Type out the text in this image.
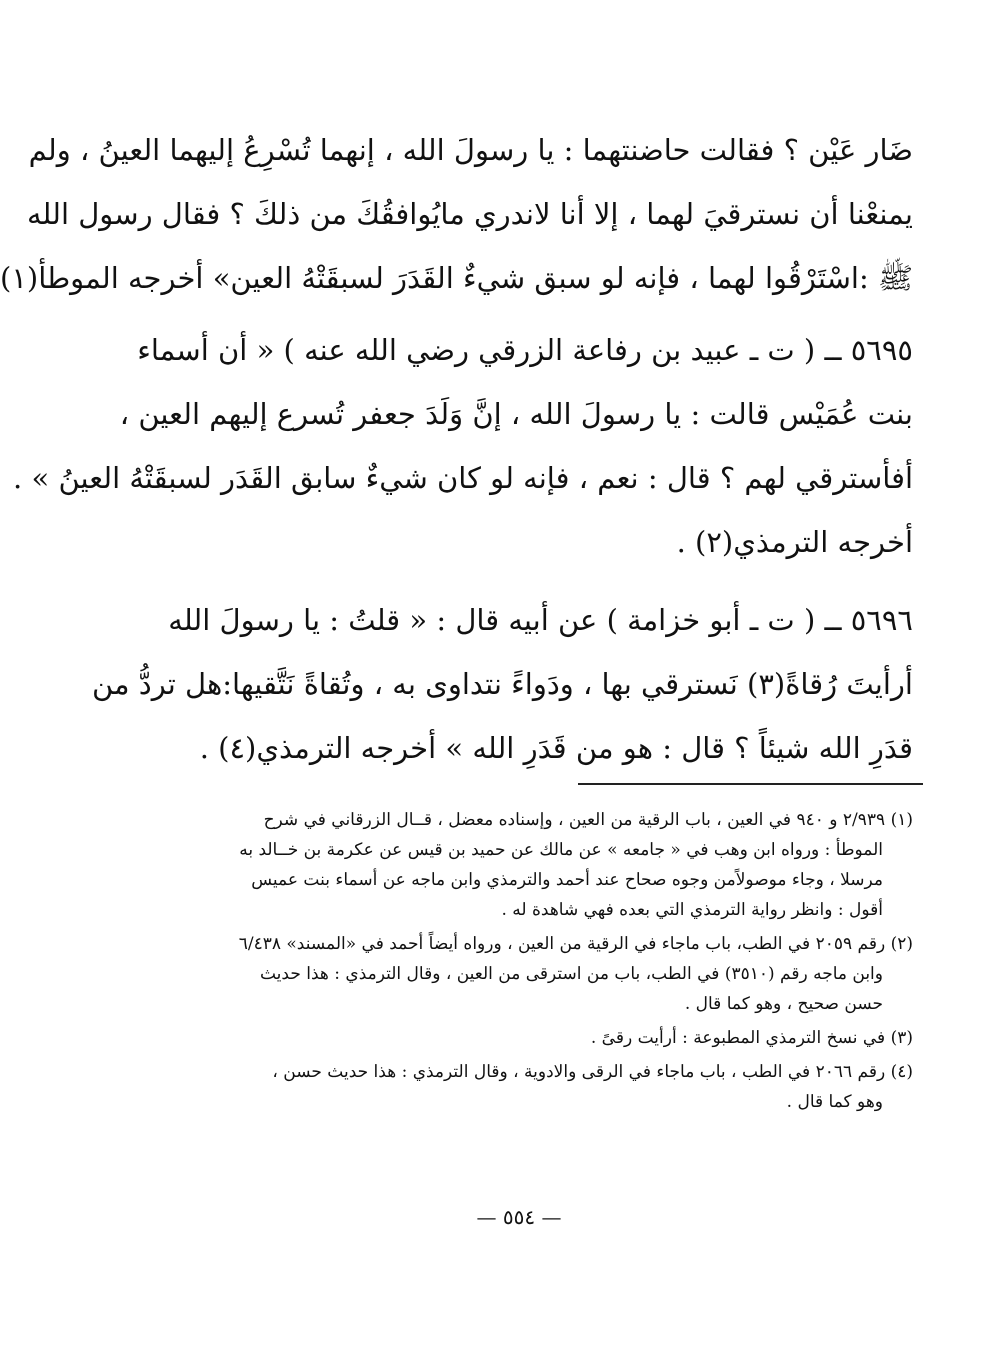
ضَار عَيْن ؟ فقالت حاضنتهما : يا رسولَ الله ، إنهما تُسْرِعُ إليهما العينُ ، ولم
يمنعْنا أن نسترقيَ لهما ، إلا أنا لاندري مايُوافقُكَ من ذلكَ ؟ فقال رسول الله
ﷺ :اسْتَرْقُوا لهما ، فإنه لو سبق شيءٌ القَدَرَ لسبقَتْهُ العين» أخرجه الموطأ(١)
٥٦٩٥ ــ ( ت ـ عبيد بن رفاعة الزرقي رضي الله عنه ) « أن أسماء
بنت عُمَيْس قالت : يا رسولَ الله ، إنَّ وَلَدَ جعفر تُسرع إليهم العين ،
أفأسترقي لهم ؟ قال : نعم ، فإنه لو كان شيءٌ سابق القَدَر لسبقَتْهُ العينُ » .
أخرجه الترمذي(٢) .
٥٦٩٦ ــ ( ت ـ أبو خزامة ) عن أبيه قال : « قلتُ : يا رسولَ الله
أرأيتَ رُقاةً(٣) نَسترقي بها ، ودَواءً نتداوى به ، وتُقاةً نَتَّقيها:هل تردُّ من
قدَرِ الله شيئاً ؟ قال : هو من قَدَرِ الله » أخرجه الترمذي(٤) .
(١) ٢/٩٣٩ و ٩٤٠ في العين ، باب الرقية من العين ، وإسناده معضل ، قــال الزرقاني في شرح
الموطأ : ورواه ابن وهب في « جامعه » عن مالك عن حميد بن قيس عن عكرمة بن خــالد به
مرسلا ، وجاء موصولاًمن وجوه صحاح عند أحمد والترمذي وابن ماجه عن أسماء بنت عميس
أقول : وانظر رواية الترمذي التي بعده فهي شاهدة له .
(٢) رقم ٢٠٥٩ في الطب، باب ماجاء في الرقية من العين ، ورواه أيضاً أحمد في «المسند» ٦/٤٣٨
وابن ماجه رقم (٣٥١٠) في الطب، باب من استرقى من العين ، وقال الترمذي : هذا حديث
حسن صحيح ، وهو كما قال .
(٣) في نسخ الترمذي المطبوعة : أرأيت رقىً .
(٤) رقم ٢٠٦٦ في الطب ، باب ماجاء في الرقى والادوية ، وقال الترمذي : هذا حديث حسن ،
وهو كما قال .
— ٥٥٤ —
